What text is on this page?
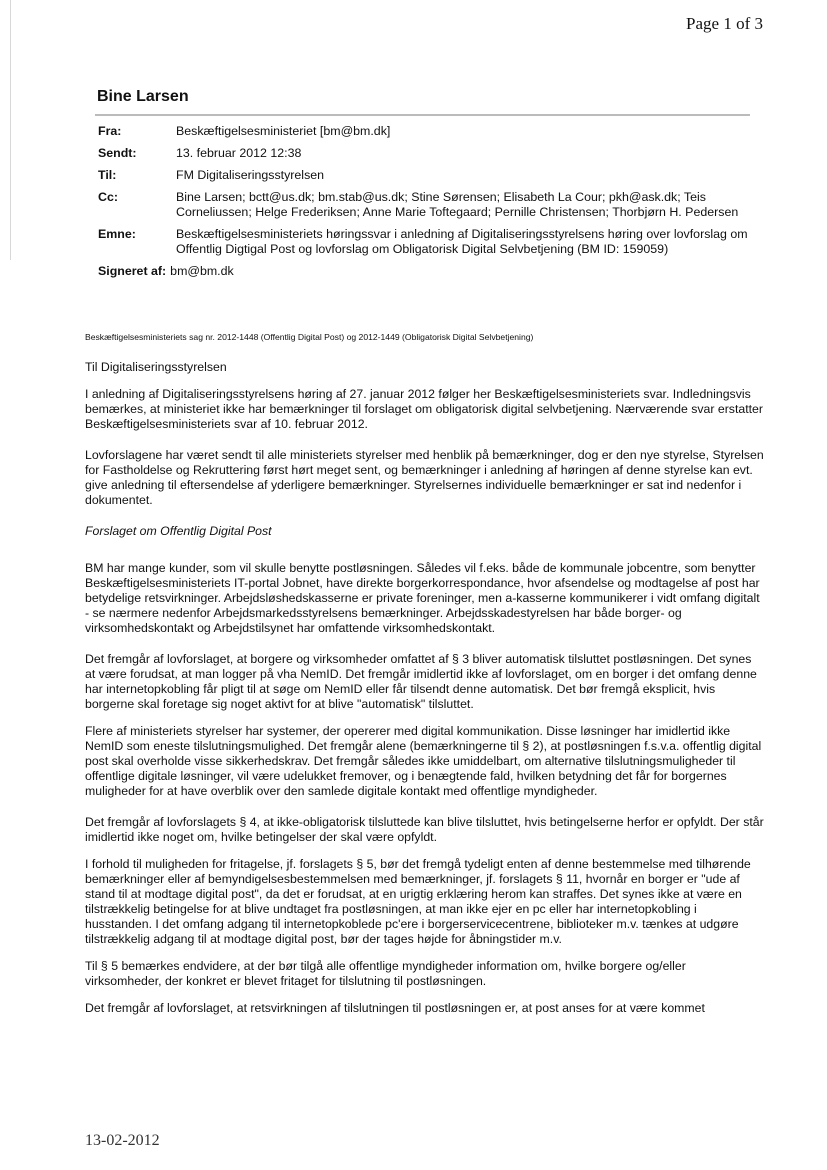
Page 1 of 3
Bine Larsen
Fra:	Beskæftigelsesministeriet [bm@bm.dk]
Sendt:	13. februar 2012 12:38
Til:	FM Digitaliseringsstyrelsen
Cc:	Bine Larsen; bctt@us.dk; bm.stab@us.dk; Stine Sørensen; Elisabeth La Cour; pkh@ask.dk; Teis Corneliussen; Helge Frederiksen; Anne Marie Toftegaard; Pernille Christensen; Thorbjørn H. Pedersen
Emne:	Beskæftigelsesministeriets høringssvar i anledning af Digitaliseringsstyrelsens høring over lovforslag om Offentlig Digtigal Post og lovforslag om Obligatorisk Digital Selvbetjening (BM ID: 159059)
Signeret af: bm@bm.dk
Beskæftigelsesministeriets sag nr. 2012-1448 (Offentlig Digital Post) og 2012-1449 (Obligatorisk Digital Selvbetjening)

Til Digitaliseringsstyrelsen

I anledning af Digitaliseringsstyrelsens høring af 27. januar 2012 følger her Beskæftigelsesministeriets svar. Indledningsvis bemærkes, at ministeriet ikke har bemærkninger til forslaget om obligatorisk digital selvbetjening. Nærværende svar erstatter Beskæftigelsesministeriets svar af 10. februar 2012.

Lovforslagene har været sendt til alle ministeriets styrelser med henblik på bemærkninger, dog er den nye styrelse, Styrelsen for Fastholdelse og Rekruttering først hørt meget sent, og bemærkninger i anledning af høringen af denne styrelse kan evt. give anledning til eftersendelse af yderligere bemærkninger. Styrelsernes individuelle bemærkninger er sat ind nedenfor i dokumentet.

Forslaget om Offentlig Digital Post

BM har mange kunder, som vil skulle benytte postløsningen. Således vil f.eks. både de kommunale jobcentre, som benytter Beskæftigelsesministeriets IT-portal Jobnet, have direkte borgerkorrespondance, hvor afsendelse og modtagelse af post har betydelige retsvirkninger. Arbejdsløshedskasserne er private foreninger, men a-kasserne kommunikerer i vidt omfang digitalt - se nærmere nedenfor Arbejdsmarkedsstyrelsens bemærkninger. Arbejdsskadestyrelsen har både borger- og virksomhedskontakt og Arbejdstilsynet har omfattende virksomhedskontakt.

Det fremgår af lovforslaget, at borgere og virksomheder omfattet af § 3 bliver automatisk tilsluttet postløsningen. Det synes at være forudsat, at man logger på vha NemID. Det fremgår imidlertid ikke af lovforslaget, om en borger i det omfang denne har internetopkobling får pligt til at søge om NemID eller får tilsendt denne automatisk. Det bør fremgå eksplicit, hvis borgerne skal foretage sig noget aktivt for at blive "automatisk" tilsluttet.

Flere af ministeriets styrelser har systemer, der opererer med digital kommunikation. Disse løsninger har imidlertid ikke NemID som eneste tilslutningsmulighed. Det fremgår alene (bemærkningerne til § 2), at postløsningen f.s.v.a. offentlig digital post skal overholde visse sikkerhedskrav. Det fremgår således ikke umiddelbart, om alternative tilslutningsmuligheder til offentlige digitale løsninger, vil være udelukket fremover, og i benægtende fald, hvilken betydning det får for borgernes muligheder for at have overblik over den samlede digitale kontakt med offentlige myndigheder.

Det fremgår af lovforslagets § 4, at ikke-obligatorisk tilsluttede kan blive tilsluttet, hvis betingelserne herfor er opfyldt. Der står imidlertid ikke noget om, hvilke betingelser der skal være opfyldt.

I forhold til muligheden for fritagelse, jf. forslagets § 5, bør det fremgå tydeligt enten af denne bestemmelse med tilhørende bemærkninger eller af bemyndigelsesbestemmelsen med bemærkninger, jf. forslagets § 11, hvornår en borger er "ude af stand til at modtage digital post", da det er forudsat, at en urigtig erklæring herom kan straffes. Det synes ikke at være en tilstrækkelig betingelse for at blive undtaget fra postløsningen, at man ikke ejer en pc eller har internetopkobling i husstanden. I det omfang adgang til internetopkoblede pc'ere i borgerservicecentrene, biblioteker m.v. tænkes at udgøre tilstrækkelig adgang til at modtage digital post, bør der tages højde for åbningstider m.v.

Til § 5 bemærkes endvidere, at der bør tilgå alle offentlige myndigheder information om, hvilke borgere og/eller virksomheder, der konkret er blevet fritaget for tilslutning til postløsningen.

Det fremgår af lovforslaget, at retsvirkningen af tilslutningen til postløsningen er, at post anses for at være kommet

13-02-2012
